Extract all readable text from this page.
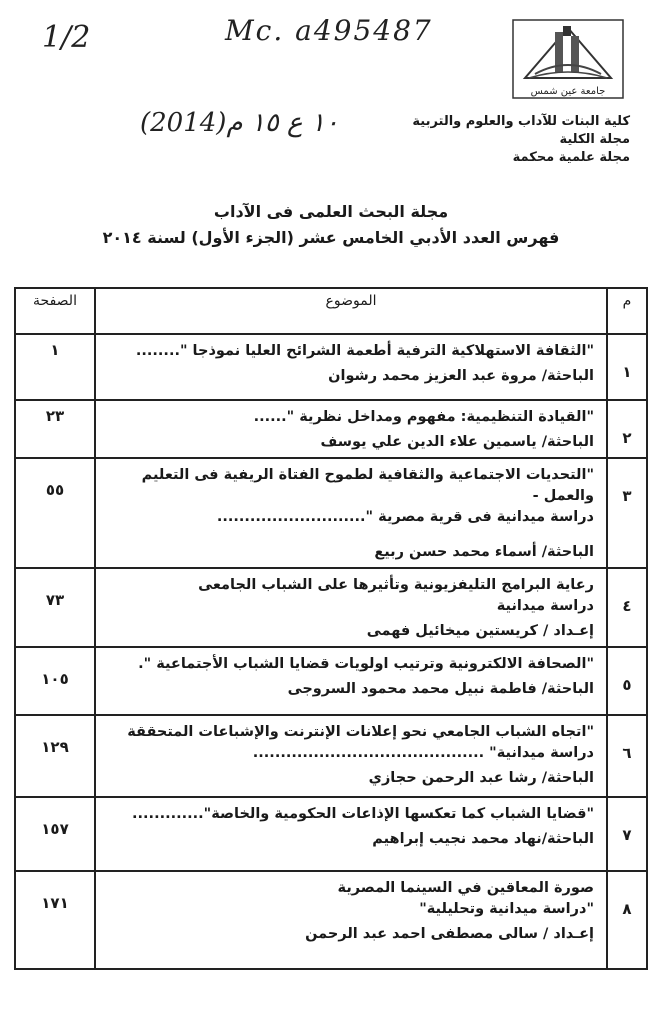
1/2	Mc. a495487
(2014)١٠ ع ١٥ م
جامعة عين شمس
كلية البنات للآداب والعلوم والتربية
مجلة الكلية
مجلة علمية محكمة
مجلة البحث العلمى فى الآداب
فهرس العدد الأدبي الخامس عشر (الجزء الأول) لسنة ٢٠١٤
م	الموضوع	الصفحة

١	"الثقافة الاستهلاكية الترفية أطعمة الشرائح العليا نموذجا "........
الباحثة/ مروة عبد العزيز محمد رشوان	١

٢	"القيادة التنظيمية: مفهوم ومداخل نظرية "......
الباحثة/ ياسمين علاء الدين علي يوسف	٢٣

٣	"التحديات الاجتماعية والثقافية لطموح الفتاة الريفية فى التعليم والعمل -
دراسة ميدانية فى قرية مصرية "...........................
الباحثة/ أسماء محمد حسن ربيع	٥٥

٤	رعاية البرامج التليفزيونية وتأثيرها على الشباب الجامعى
دراسة ميدانية
إعـداد / كريستين ميخائيل فهمى	٧٣

٥	"الصحافة الالكترونية وترتيب اولويات قضايا الشباب الأجتماعية ".
الباحثة/ فاطمة نبيل محمد محمود السروجى	١٠٥

٦	"اتجاه الشباب الجامعي نحو إعلانات الإنترنت والإشباعات المتحققة
دراسة ميدانية" ..........................................
الباحثة/ رشا عبد الرحمن حجازي	١٢٩

٧	"قضايا الشباب كما تعكسها الإذاعات الحكومية والخاصة".............
الباحثة/نهاد محمد نجيب إبراهيم	١٥٧

٨	صورة المعاقين في السينما المصرية
"دراسة ميدانية وتحليلية"
إعـداد / سالى مصطفى احمد عبد الرحمن	١٧١
